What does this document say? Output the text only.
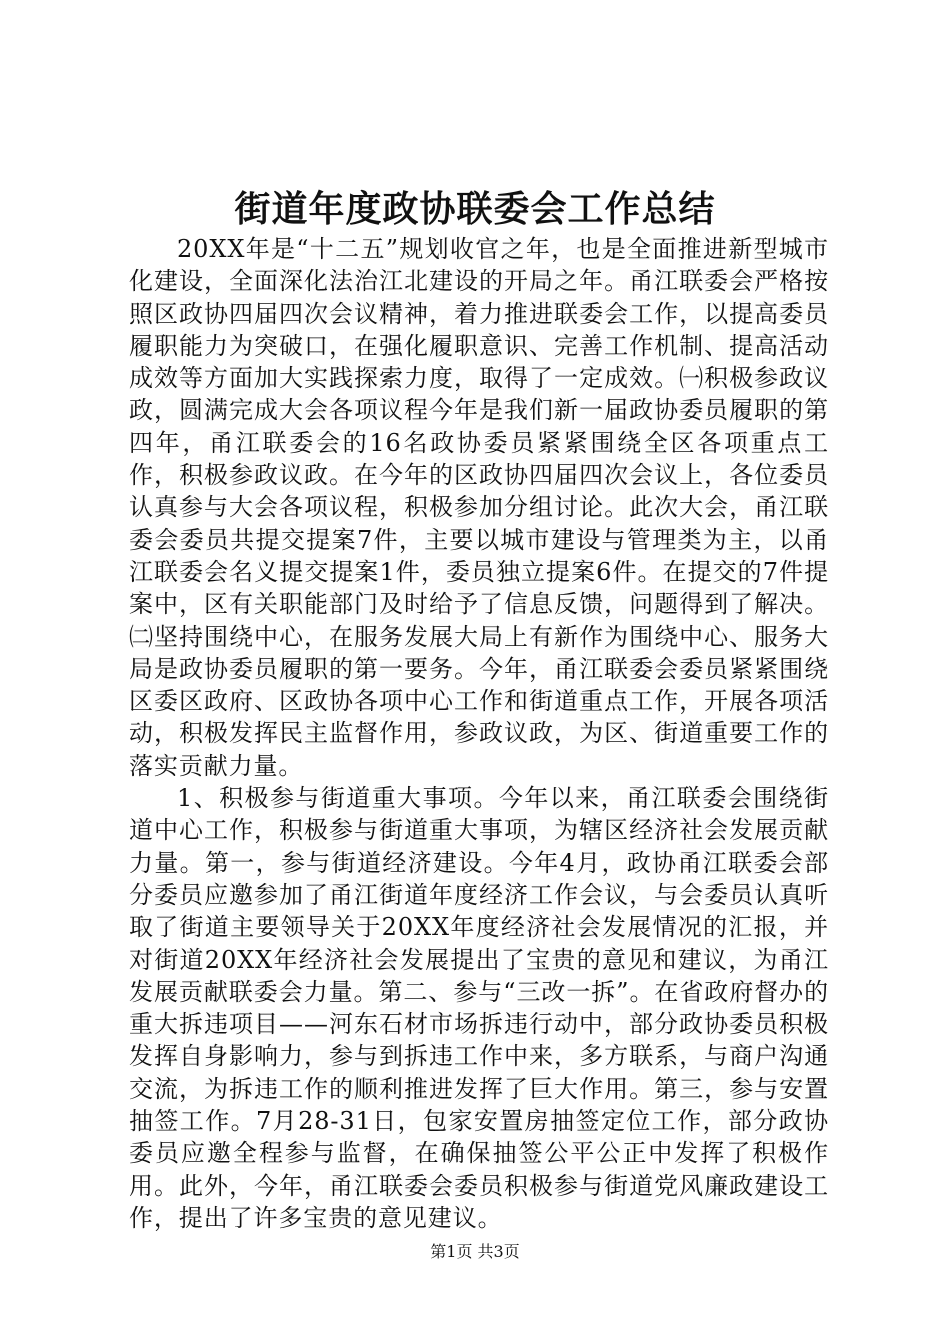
街道年度政协联委会工作总结

20XX年是“十二五”规划收官之年，也是全面推进新型城市化建设，全面深化法治江北建设的开局之年。甬江联委会严格按照区政协四届四次会议精神，着力推进联委会工作，以提高委员履职能力为突破口，在强化履职意识、完善工作机制、提高活动成效等方面加大实践探索力度，取得了一定成效。㈠积极参政议政，圆满完成大会各项议程今年是我们新一届政协委员履职的第四年，甬江联委会的16名政协委员紧紧围绕全区各项重点工作，积极参政议政。在今年的区政协四届四次会议上，各位委员认真参与大会各项议程，积极参加分组讨论。此次大会，甬江联委会委员共提交提案7件，主要以城市建设与管理类为主，以甬江联委会名义提交提案1件，委员独立提案6件。在提交的7件提案中，区有关职能部门及时给予了信息反馈，问题得到了解决。㈡坚持围绕中心，在服务发展大局上有新作为围绕中心、服务大局是政协委员履职的第一要务。今年，甬江联委会委员紧紧围绕区委区政府、区政协各项中心工作和街道重点工作，开展各项活动，积极发挥民主监督作用，参政议政，为区、街道重要工作的落实贡献力量。

1、积极参与街道重大事项。今年以来，甬江联委会围绕街道中心工作，积极参与街道重大事项，为辖区经济社会发展贡献力量。第一，参与街道经济建设。今年4月，政协甬江联委会部分委员应邀参加了甬江街道年度经济工作会议，与会委员认真听取了街道主要领导关于20XX年度经济社会发展情况的汇报，并对街道20XX年经济社会发展提出了宝贵的意见和建议，为甬江发展贡献联委会力量。第二、参与“三改一拆”。在省政府督办的重大拆违项目——河东石材市场拆违行动中，部分政协委员积极发挥自身影响力，参与到拆违工作中来，多方联系，与商户沟通交流，为拆违工作的顺利推进发挥了巨大作用。第三，参与安置抽签工作。7月28-31日，包家安置房抽签定位工作，部分政协委员应邀全程参与监督，在确保抽签公平公正中发挥了积极作用。此外，今年，甬江联委会委员积极参与街道党风廉政建设工作，提出了许多宝贵的意见建议。

第1页 共3页
